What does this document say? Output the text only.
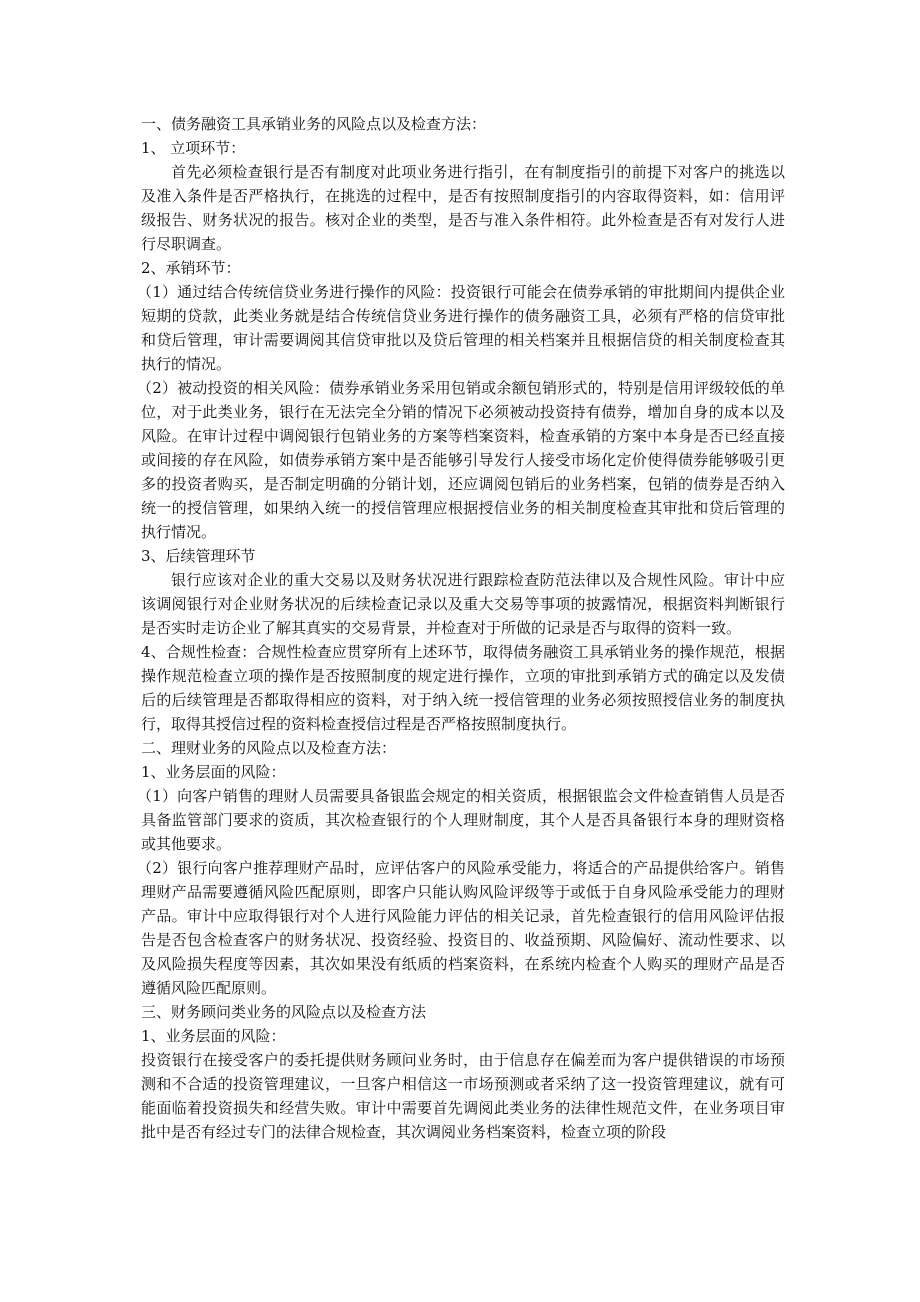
一、债务融资工具承销业务的风险点以及检查方法：

1、 立项环节：

首先必须检查银行是否有制度对此项业务进行指引，在有制度指引的前提下对客户的挑选以及准入条件是否严格执行，在挑选的过程中，是否有按照制度指引的内容取得资料，如：信用评级报告、财务状况的报告。核对企业的类型，是否与准入条件相符。此外检查是否有对发行人进行尽职调查。

2、承销环节：

（1）通过结合传统信贷业务进行操作的风险：投资银行可能会在债券承销的审批期间内提供企业短期的贷款，此类业务就是结合传统信贷业务进行操作的债务融资工具，必须有严格的信贷审批和贷后管理，审计需要调阅其信贷审批以及贷后管理的相关档案并且根据信贷的相关制度检查其执行的情况。

（2）被动投资的相关风险：债券承销业务采用包销或余额包销形式的，特别是信用评级较低的单位，对于此类业务，银行在无法完全分销的情况下必须被动投资持有债券，增加自身的成本以及风险。在审计过程中调阅银行包销业务的方案等档案资料，检查承销的方案中本身是否已经直接或间接的存在风险，如债券承销方案中是否能够引导发行人接受市场化定价使得债券能够吸引更多的投资者购买，是否制定明确的分销计划，还应调阅包销后的业务档案，包销的债券是否纳入统一的授信管理，如果纳入统一的授信管理应根据授信业务的相关制度检查其审批和贷后管理的执行情况。

3、后续管理环节

银行应该对企业的重大交易以及财务状况进行跟踪检查防范法律以及合规性风险。审计中应该调阅银行对企业财务状况的后续检查记录以及重大交易等事项的披露情况，根据资料判断银行是否实时走访企业了解其真实的交易背景，并检查对于所做的记录是否与取得的资料一致。

4、合规性检查：合规性检查应贯穿所有上述环节，取得债务融资工具承销业务的操作规范，根据操作规范检查立项的操作是否按照制度的规定进行操作，立项的审批到承销方式的确定以及发债后的后续管理是否都取得相应的资料，对于纳入统一授信管理的业务必须按照授信业务的制度执行，取得其授信过程的资料检查授信过程是否严格按照制度执行。

二、理财业务的风险点以及检查方法：

1、业务层面的风险：

（1）向客户销售的理财人员需要具备银监会规定的相关资质，根据银监会文件检查销售人员是否具备监管部门要求的资质，其次检查银行的个人理财制度，其个人是否具备银行本身的理财资格或其他要求。

（2）银行向客户推荐理财产品时，应评估客户的风险承受能力，将适合的产品提供给客户。销售理财产品需要遵循风险匹配原则，即客户只能认购风险评级等于或低于自身风险承受能力的理财产品。审计中应取得银行对个人进行风险能力评估的相关记录，首先检查银行的信用风险评估报告是否包含检查客户的财务状况、投资经验、投资目的、收益预期、风险偏好、流动性要求、以及风险损失程度等因素，其次如果没有纸质的档案资料，在系统内检查个人购买的理财产品是否遵循风险匹配原则。

三、财务顾问类业务的风险点以及检查方法

1、业务层面的风险：

投资银行在接受客户的委托提供财务顾问业务时，由于信息存在偏差而为客户提供错误的市场预测和不合适的投资管理建议，一旦客户相信这一市场预测或者采纳了这一投资管理建议，就有可能面临着投资损失和经营失败。审计中需要首先调阅此类业务的法律性规范文件，在业务项目审批中是否有经过专门的法律合规检查，其次调阅业务档案资料，检查立项的阶段
